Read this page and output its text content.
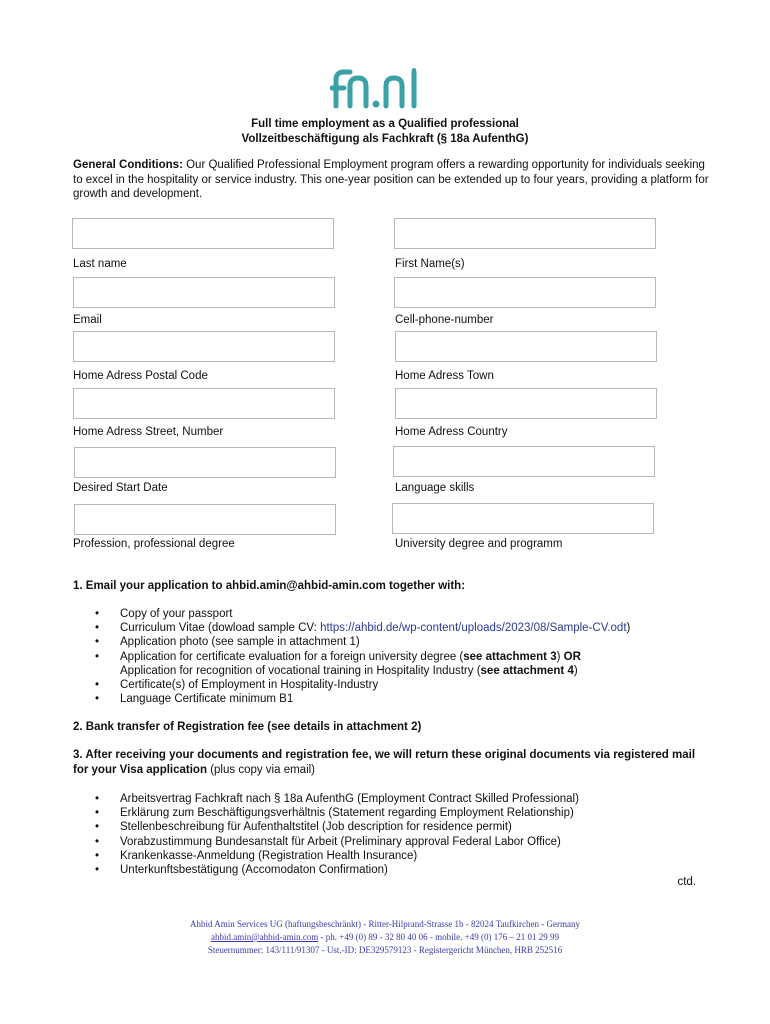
Full time employment as a Qualified professional
Vollzeitbeschäftigung als Fachkraft (§ 18a AufenthG)
General Conditions: Our Qualified Professional Employment program offers a rewarding opportunity for individuals seeking to excel in the hospitality or service industry. This one-year position can be extended up to four years, providing a platform for growth and development.
Last name	First Name(s)
Email	Cell-phone-number
Home Adress Postal Code	Home Adress Town
Home Adress Street, Number	Home Adress Country
Desired Start Date	Language skills
Profession, professional degree	University degree and programm
1. Email your application to ahbid.amin@ahbid-amin.com together with:
• Copy of your passport
• Curriculum Vitae (dowload sample CV: https://ahbid.de/wp-content/uploads/2023/08/Sample-CV.odt)
• Application photo (see sample in attachment 1)
• Application for certificate evaluation for a foreign university degree (see attachment 3) OR
Application for recognition of vocational training in Hospitality Industry (see attachment 4)
• Certificate(s) of Employment in Hospitality-Industry
• Language Certificate minimum B1
2. Bank transfer of Registration fee (see details in attachment 2)
3. After receiving your documents and registration fee, we will return these original documents via registered mail for your Visa application (plus copy via email)
• Arbeitsvertrag Fachkraft nach § 18a AufenthG (Employment Contract Skilled Professional)
• Erklärung zum Beschäftigungsverhältnis (Statement regarding Employment Relationship)
• Stellenbeschreibung für Aufenthaltstitel (Job description for residence permit)
• Vorabzustimmung Bundesanstalt für Arbeit (Preliminary approval Federal Labor Office)
• Krankenkasse-Anmeldung (Registration Health Insurance)
• Unterkunftsbestätigung (Accomodaton Confirmation)
ctd.
Ahbid Amin Services UG (haftungsbeschränkt) - Ritter-Hilprand-Strasse 1b - 82024 Taufkirchen - Germany
ahbid.amin@ahbid-amin.com - ph. +49 (0) 89 - 32 80 40 06 - mobile. +49 (0) 176 – 21 01 29 99
Steuernummer: 143/111/91307 - Ust.-ID: DE329579123 - Registergericht München, HRB 252516
